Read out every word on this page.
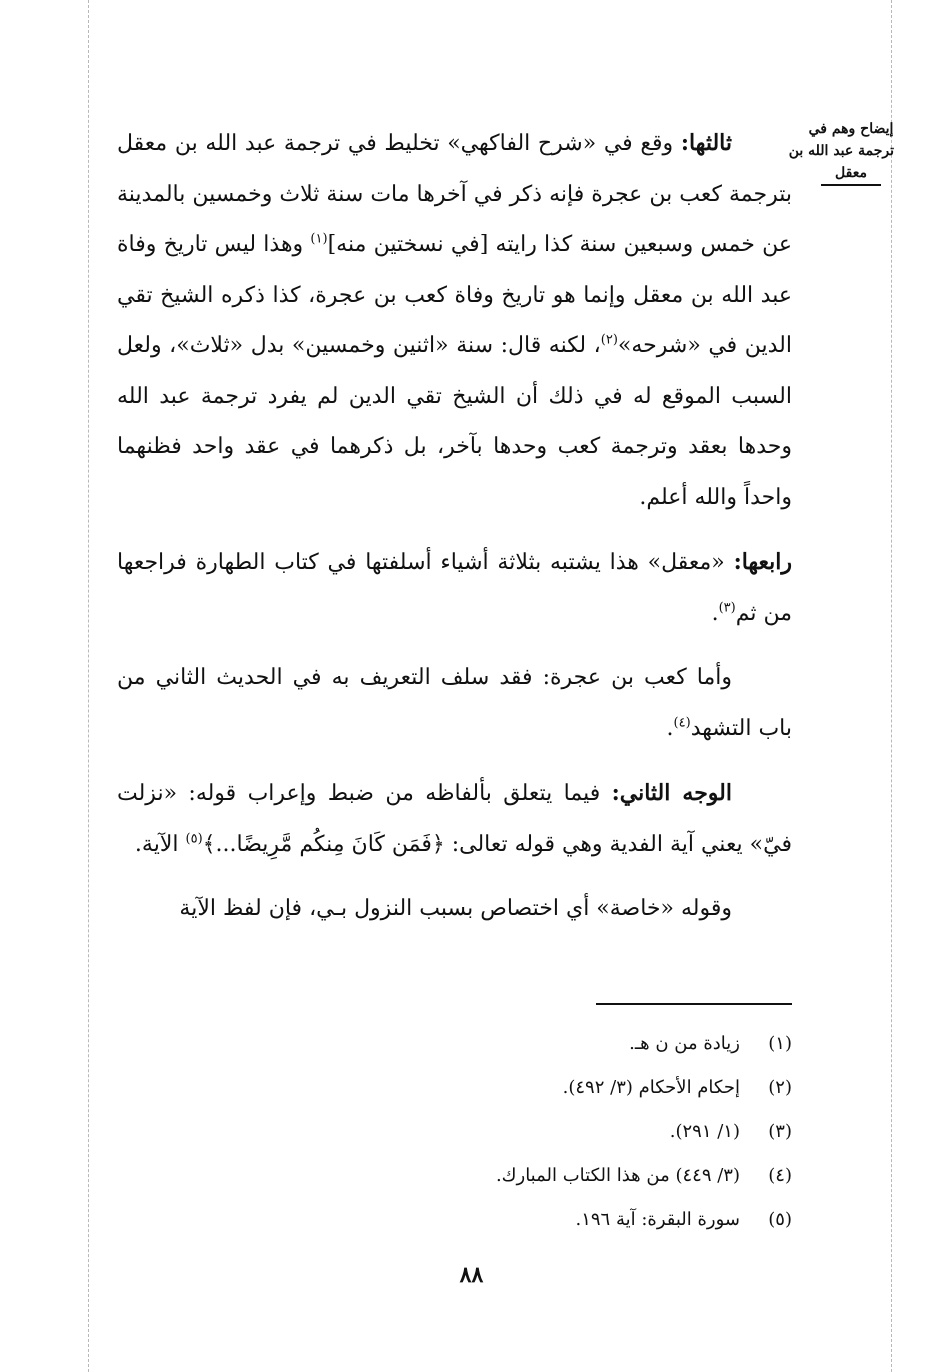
إيضاح وهم في
ترجمة عبد الله بن
معقل

ثالثها: وقع في «شرح الفاكهي» تخليط في ترجمة عبد الله بن معقل بترجمة كعب بن عجرة فإنه ذكر في آخرها مات سنة ثلاث وخمسين بالمدينة عن خمس وسبعين سنة كذا رايته [في نسختين منه]$^{(١)}$ وهذا ليس تاريخ وفاة عبد الله بن معقل وإنما هو تاريخ وفاة كعب بن عجرة، كذا ذكره الشيخ تقي الدين في «شرحه»$^{(٢)}$، لكنه قال: سنة «اثنين وخمسين» بدل «ثلاث»، ولعل السبب الموقع له في ذلك أن الشيخ تقي الدين لم يفرد ترجمة عبد الله وحدها بعقد وترجمة كعب وحدها بآخر، بل ذكرهما في عقد واحد فظنهما واحداً والله أعلم.

رابعها: «معقل» هذا يشتبه بثلاثة أشياء أسلفتها في كتاب الطهارة فراجعها من ثم$^{(٣)}$.

وأما كعب بن عجرة: فقد سلف التعريف به في الحديث الثاني من باب التشهد$^{(٤)}$.

الوجه الثاني: فيما يتعلق بألفاظه من ضبط وإعراب قوله: «نزلت فيّ» يعني آية الفدية وهي قوله تعالى: ﴿فَمَن كَانَ مِنكُم مَّرِيضًا...﴾$^{(٥)}$ الآية.

وقوله «خاصة» أي اختصاص بسبب النزول بـي، فإن لفظ الآية

(١)
زيادة من ن هـ.
(٢)
إحكام الأحكام (٣/ ٤٩٢).
(٣)
(١/ ٢٩١).
(٤)
(٣/ ٤٤٩) من هذا الكتاب المبارك.
(٥)
سورة البقرة: آية ١٩٦.
٨٨
